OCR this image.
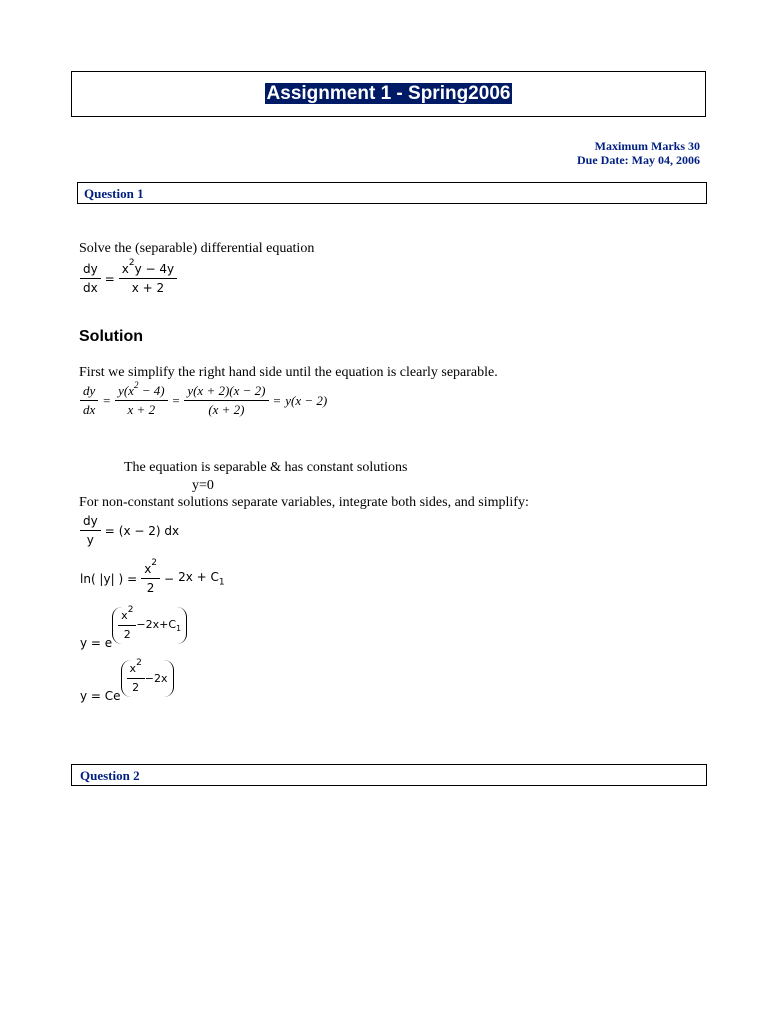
Assignment 1 - Spring2006
Maximum Marks 30
Due Date: May 04, 2006
Question 1
Solve the (separable) differential equation
$\frac{dy}{dx} = \frac{x^2y - 4y}{x + 2}$
Solution
First we simplify the right hand side until the equation is clearly separable.
$\frac{dy}{dx} = \frac{y(x^2 - 4)}{x + 2} = \frac{y(x + 2)(x - 2)}{(x + 2)} = y(x - 2)$
The equation is separable & has constant solutions
y=0
For non-constant solutions separate variables, integrate both sides, and simplify:
$\frac{dy}{y} = (x - 2)$ dx
ln( |y| ) = $\frac{x^2}{2} - 2x + C_1$
y = e
$\frac{x^2}{2} -2x+C_1$
y = Ce
$\frac{x^2}{2} -2x$
Question 2
